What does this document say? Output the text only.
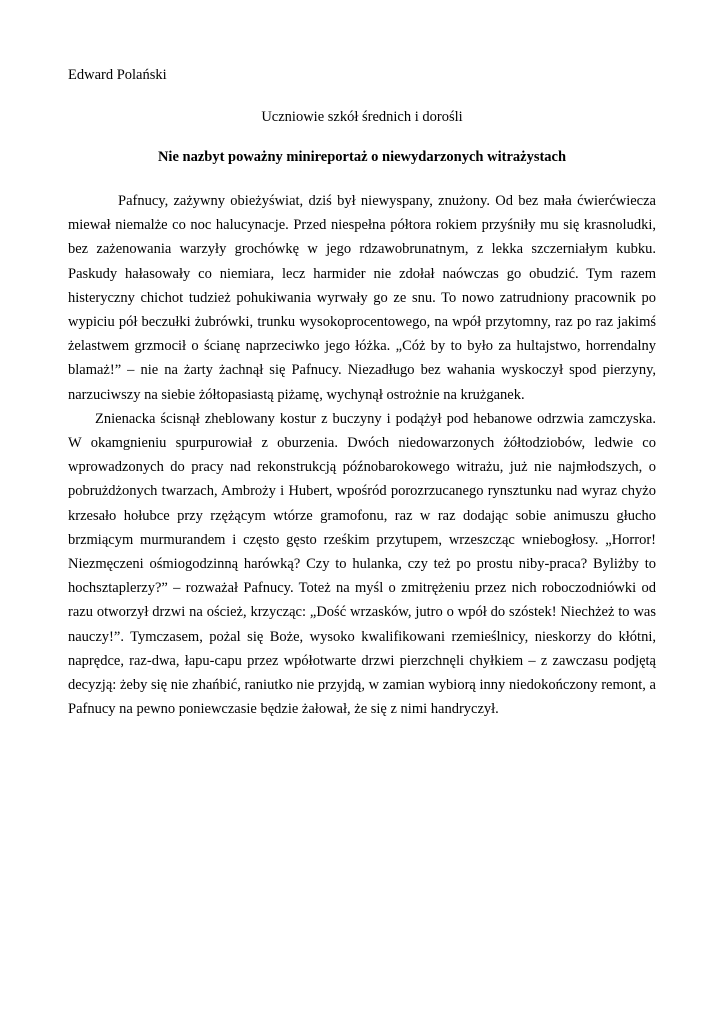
Edward Polański

Uczniowie szkół średnich i dorośli

Nie nazbyt poważny minireportaż o niewydarzonych witrażystach

Pafnucy, zażywny obieżyświat, dziś był niewyspany, znużony. Od bez mała ćwierćwiecza miewał niemalże co noc halucynacje. Przed niespełna półtora rokiem przyśniły mu się krasnoludki, bez zażenowania warzyły grochówkę w jego rdzawobrunatnym, z lekka szczerniałym kubku. Paskudy hałasowały co niemiara, lecz harmider nie zdołał naówczas go obudzić. Tym razem histeryczny chichot tudzież pohukiwania wyrwały go ze snu. To nowo zatrudniony pracownik po wypiciu pół beczułki żubrówki, trunku wysokoprocentowego, na wpół przytomny, raz po raz jakimś żelastwem grzmocił o ścianę naprzeciwko jego łóżka. „Cóż by to było za hultajstwo, horrendalny blamaż!” – nie na żarty żachnął się Pafnucy. Niezadługo bez wahania wyskoczył spod pierzyny, narzuciwszy na siebie żółtopasiastą piżamę, wychynął ostrożnie na krużganek.

Znienacka ścisnął zheblowany kostur z buczyny i podążył pod hebanowe odrzwia zamczyska. W okamgnieniu spurpurowiał z oburzenia. Dwóch niedowarzonych żółtodziobów, ledwie co wprowadzonych do pracy nad rekonstrukcją późnobarokowego witrażu, już nie najmłodszych, o pobrużdżonych twarzach, Ambroży i Hubert, wpośród porozrzucanego rynsztunku nad wyraz chyżo krzesało hołubce przy rzężącym wtórze gramofonu, raz w raz dodając sobie animuszu głucho brzmiącym murmurandem i często gęsto rześkim przytupem, wrzeszcząc wniebogłosy. „Horror! Niezmęczeni ośmiogodzinną harówką? Czy to hulanka, czy też po prostu niby-praca? Byliżby to hochsztaplerzy?” – rozważał Pafnucy. Toteż na myśl o zmitrężeniu przez nich roboczodniówki od razu otworzył drzwi na oścież, krzycząc: „Dość wrzasków, jutro o wpół do szóstek! Niechżeż to was nauczy!”. Tymczasem, pożal się Boże, wysoko kwalifikowani rzemieślnicy, nieskorzy do kłótni, naprędce, raz-dwa, łapu-capu przez wpółotwarte drzwi pierzchnęli chyłkiem – z zawczasu podjętą decyzją: żeby się nie zhańbić, raniutko nie przyjdą, w zamian wybiorą inny niedokończony remont, a Pafnucy na pewno poniewczasie będzie żałował, że się z nimi handryczył.
